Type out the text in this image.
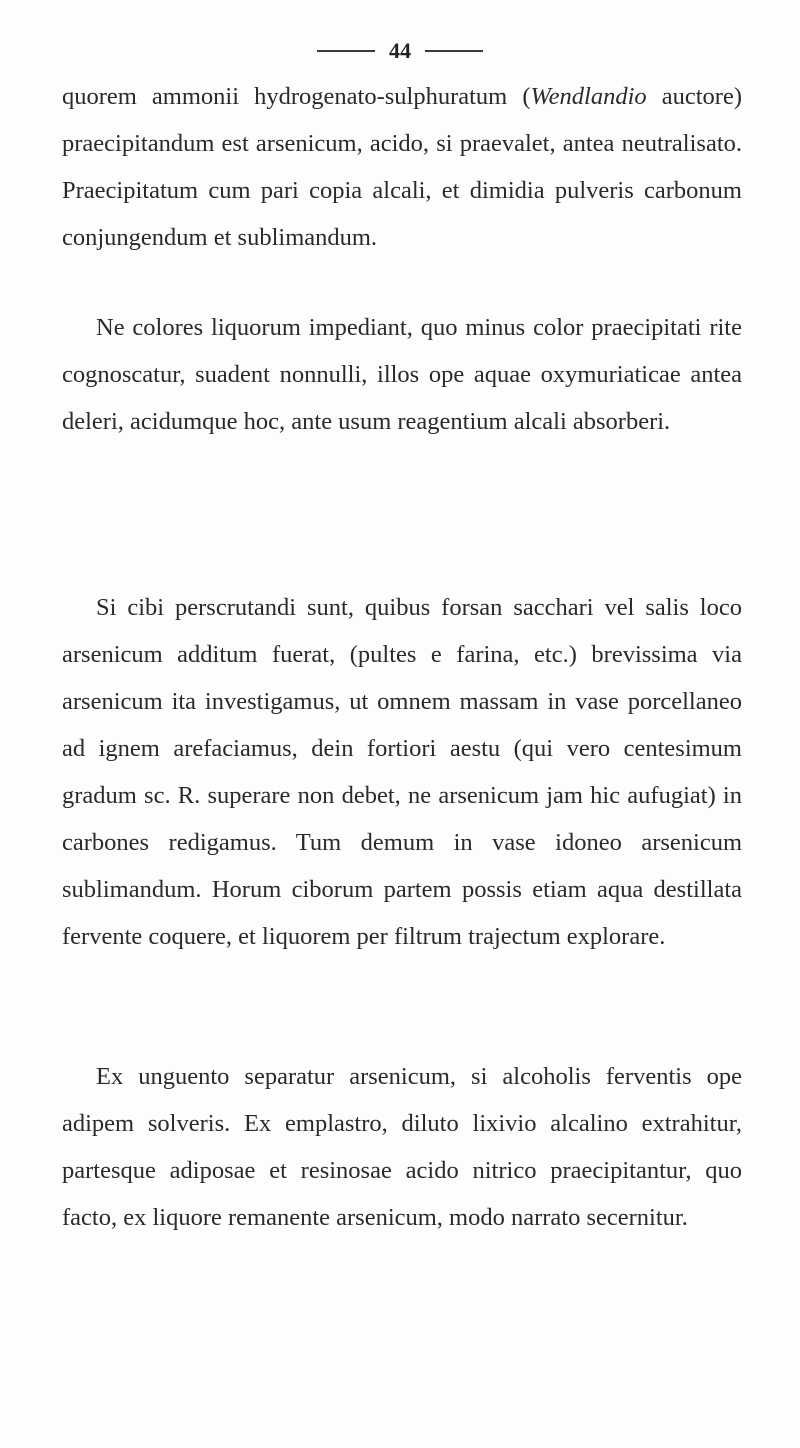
44

quorem ammonii hydrogenato-sulphuratum (Wendlandio auctore) praecipitandum est arsenicum, acido, si praevalet, antea neutralisato. Praecipitatum cum pari copia alcali, et dimidia pulveris carbonum conjungendum et sublimandum.

Ne colores liquorum impediant, quo minus color praecipitati rite cognoscatur, suadent nonnulli, illos ope aquae oxymuriaticae antea deleri, acidumque hoc, ante usum reagentium alcali absorberi.

Si cibi perscrutandi sunt, quibus forsan sacchari vel salis loco arsenicum additum fuerat, (pultes e farina, etc.) brevissima via arsenicum ita investigamus, ut omnem massam in vase porcellaneo ad ignem arefaciamus, dein fortiori aestu (qui vero centesimum gradum sc. R. superare non debet, ne arsenicum jam hic aufugiat) in carbones redigamus. Tum demum in vase idoneo arsenicum sublimandum. Horum ciborum partem possis etiam aqua destillata fervente coquere, et liquorem per filtrum trajectum explorare.

Ex unguento separatur arsenicum, si alcoholis ferventis ope adipem solveris. Ex emplastro, diluto lixivio alcalino extrahitur, partesque adiposae et resinosae acido nitrico praecipitantur, quo facto, ex liquore remanente arsenicum, modo narrato secernitur.
